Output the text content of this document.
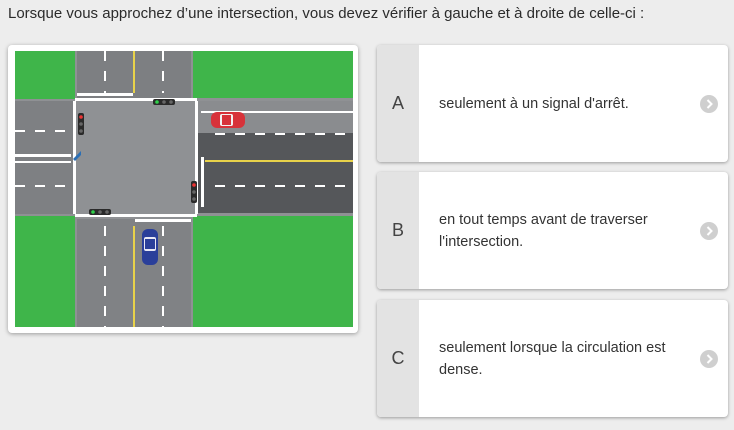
Lorsque vous approchez d’une intersection, vous devez vérifier à gauche et à droite de celle-ci :
A	seulement à un signal d'arrêt.
B
en tout temps avant de traverser l'intersection.
C
seulement lorsque la circulation est dense.
